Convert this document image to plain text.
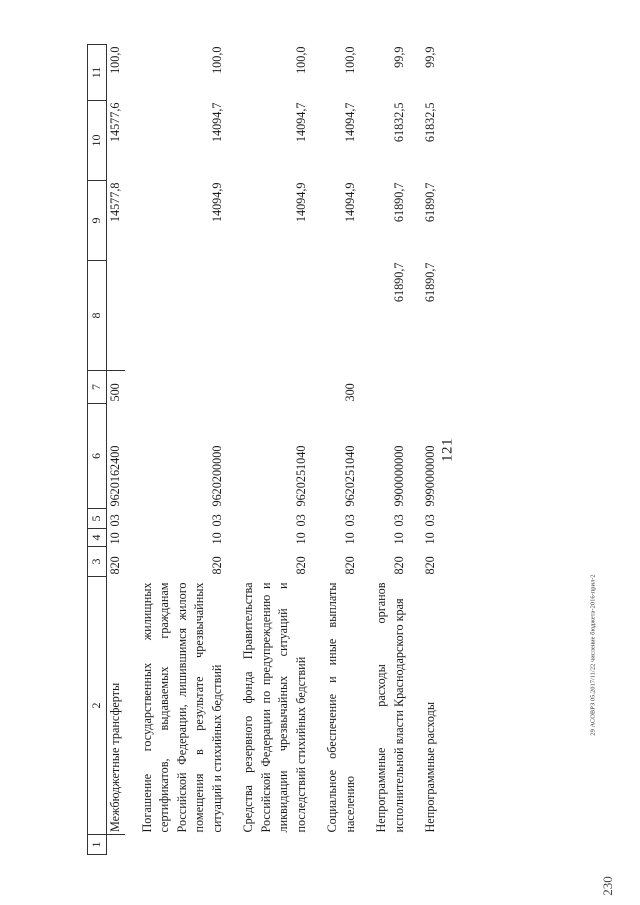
121
29 АСОВРЗ 05.2017/11/22 числение бюджета-2016-прил-2
230
1	2	3	4	5	6	7	8	9	10	11
	Межбюджетные трансферты	820	10	03	9620162400	500		14577,8	14577,6	100,0
	Погашение государственных жилищных сертификатов, выдаваемых гражданам Российской Федерации, лишившимся жилого помещения в результате чрезвычайных ситуаций и стихийных бедствий	820	10	03	9620200000			14094,9	14094,7	100,0
	Средства резервного фонда Правительства Российской Федерации по предупреждению и ликвидации чрезвычайных ситуаций и последствий стихийных бедствий	820	10	03	9620251040			14094,9	14094,7	100,0
	Социальное обеспечение и иные выплаты населению	820	10	03	9620251040	300		14094,9	14094,7	100,0
	Непрограммные расходы органов исполнительной власти Краснодарского края	820	10	03	9900000000		61890,7	61890,7	61832,5	99,9
	Непрограммные расходы	820	10	03	9990000000		61890,7	61890,7	61832,5	99,9
